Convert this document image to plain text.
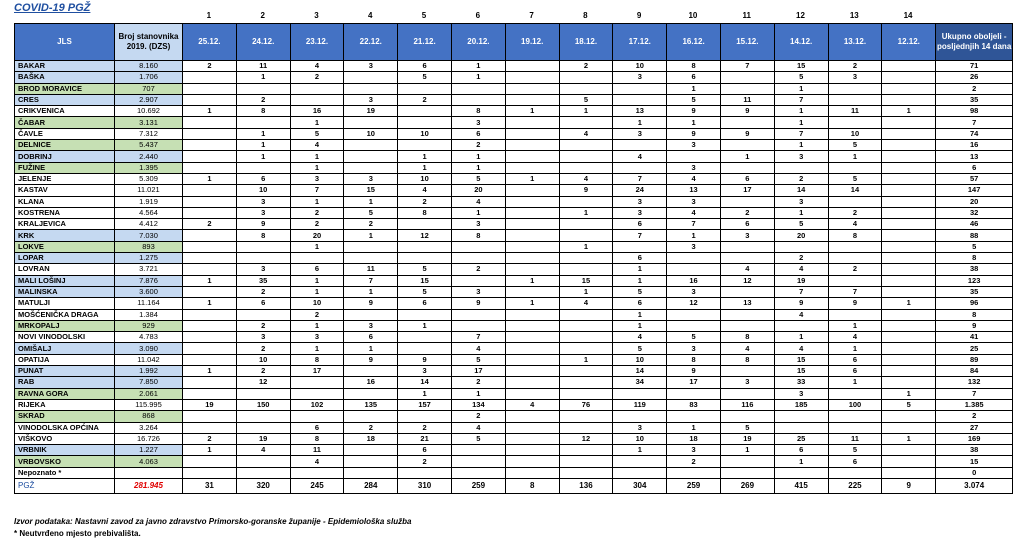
COVID-19 PGŽ
1	2	3	4	5	6	7	8	9	10	11	12	13	14
JLS	Broj stanovnika 2019. (DZS)	25.12.	24.12.	23.12.	22.12.	21.12.	20.12.	19.12.	18.12.	17.12.	16.12.	15.12.	14.12.	13.12.	12.12.	Ukupno oboljeli - posljednjih 14 dana
BAKAR	8.160	2	11	4	3	6	1		2	10	8	7	15	2		71
BAŠKA	1.706		1	2		5	1			3	6		5	3		26
BROD MORAVICE	707										1		1			2
CRES	2.907		2		3	2			5		5	11	7			35
CRIKVENICA	10.692	1	8	16	19		8	1	1	13	9	9	1	11	1	98
ČABAR	3.131			1			3			1	1		1			7
ČAVLE	7.312		1	5	10	10	6		4	3	9	9	7	10		74
DELNICE	5.437		1	4			2				3		1	5		16
DOBRINJ	2.440		1	1		1	1			4		1	3	1		13
FUŽINE	1.395			1		1	1				3					6
JELENJE	5.309	1	6	3	3	10	5	1	4	7	4	6	2	5		57
KASTAV	11.021		10	7	15	4	20		9	24	13	17	14	14		147
KLANA	1.919		3	1	1	2	4			3	3		3			20
KOSTRENA	4.564		3	2	5	8	1		1	3	4	2	1	2		32
KRALJEVICA	4.412	2	9	2	2		3			6	7	6	5	4		46
KRK	7.030		8	20	1	12	8			7	1	3	20	8		88
LOKVE	893			1					1		3					5
LOPAR	1.275									6			2			8
LOVRAN	3.721		3	6	11	5	2			1		4	4	2		38
MALI LOŠINJ	7.876	1	35	1	7	15		1	15	1	16	12	19			123
MALINSKA	3.600		2	1	1	5	3		1	5	3		7	7		35
MATULJI	11.164	1	6	10	9	6	9	1	4	6	12	13	9	9	1	96
MOŠĆENIČKA DRAGA	1.384			2						1			4			8
MRKOPALJ	929		2	1	3	1				1				1		9
NOVI VINODOLSKI	4.783		3	3	6		7			4	5	8	1	4		41
OMIŠALJ	3.090		2	1	1		4			5	3	4	4	1		25
OPATIJA	11.042		10	8	9	9	5		1	10	8	8	15	6		89
PUNAT	1.992	1	2	17		3	17			14	9		15	6		84
RAB	7.850		12		16	14	2			34	17	3	33	1		132
RAVNA GORA	2.061					1	1						3		1	7
RIJEKA	115.995	19	150	102	135	157	134	4	76	119	83	116	185	100	5	1.385
SKRAD	868						2									2
VINODOLSKA OPĆINA	3.264			6	2	2	4			3	1	5				27
VIŠKOVO	16.726	2	19	8	18	21	5		12	10	18	19	25	11	1	169
VRBNIK	1.227	1	4	11		6				1	3	1	6	5		38
VRBOVSKO	4.063			4		2					2		1	6		15
Nepoznato *																0
PGŽ	281.945	31	320	245	284	310	259	8	136	304	259	269	415	225	9	3.074
Izvor podataka: Nastavni zavod za javno zdravstvo Primorsko-goranske županije - Epidemiološka služba
* Neutvrđeno mjesto prebivališta.
